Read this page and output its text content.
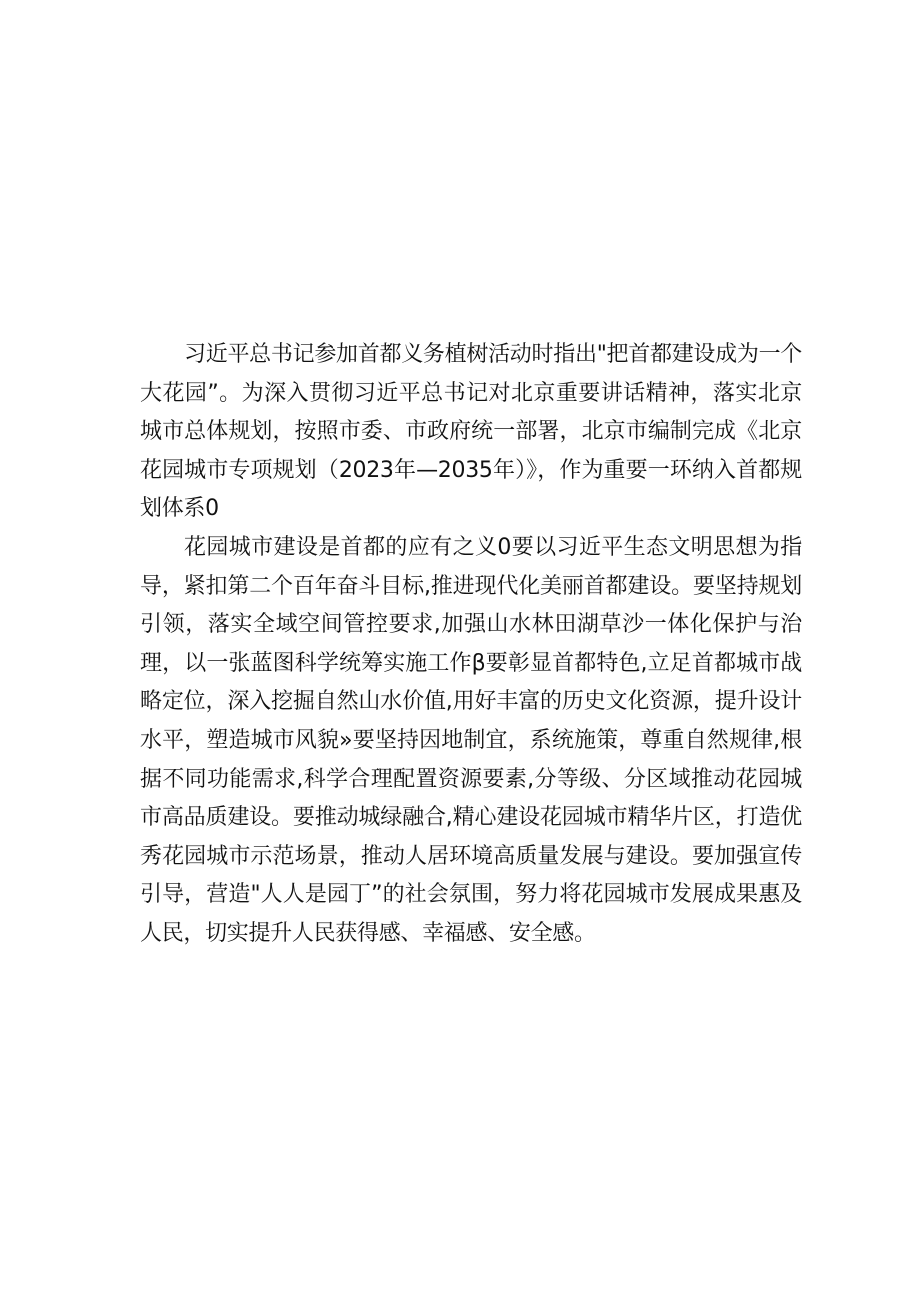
习近平总书记参加首都义务植树活动时指出"把首都建设成为一个大花园”。为深入贯彻习近平总书记对北京重要讲话精神，落实北京城市总体规划，按照市委、市政府统一部署，北京市编制完成《北京花园城市专项规划（2023年—2035年）》，作为重要一环纳入首都规划体系0

花园城市建设是首都的应有之义0要以习近平生态文明思想为指导，紧扣第二个百年奋斗目标,推进现代化美丽首都建设。要坚持规划引领，落实全域空间管控要求,加强山水林田湖草沙一体化保护与治理，以一张蓝图科学统筹实施工作β要彰显首都特色,立足首都城市战略定位，深入挖掘自然山水价值,用好丰富的历史文化资源，提升设计水平，塑造城市风貌»要坚持因地制宜，系统施策，尊重自然规律,根据不同功能需求,科学合理配置资源要素,分等级、分区域推动花园城市高品质建设。要推动城绿融合,精心建设花园城市精华片区，打造优秀花园城市示范场景，推动人居环境高质量发展与建设。要加强宣传引导，营造"人人是园丁”的社会氛围，努力将花园城市发展成果惠及人民，切实提升人民获得感、幸福感、安全感。
